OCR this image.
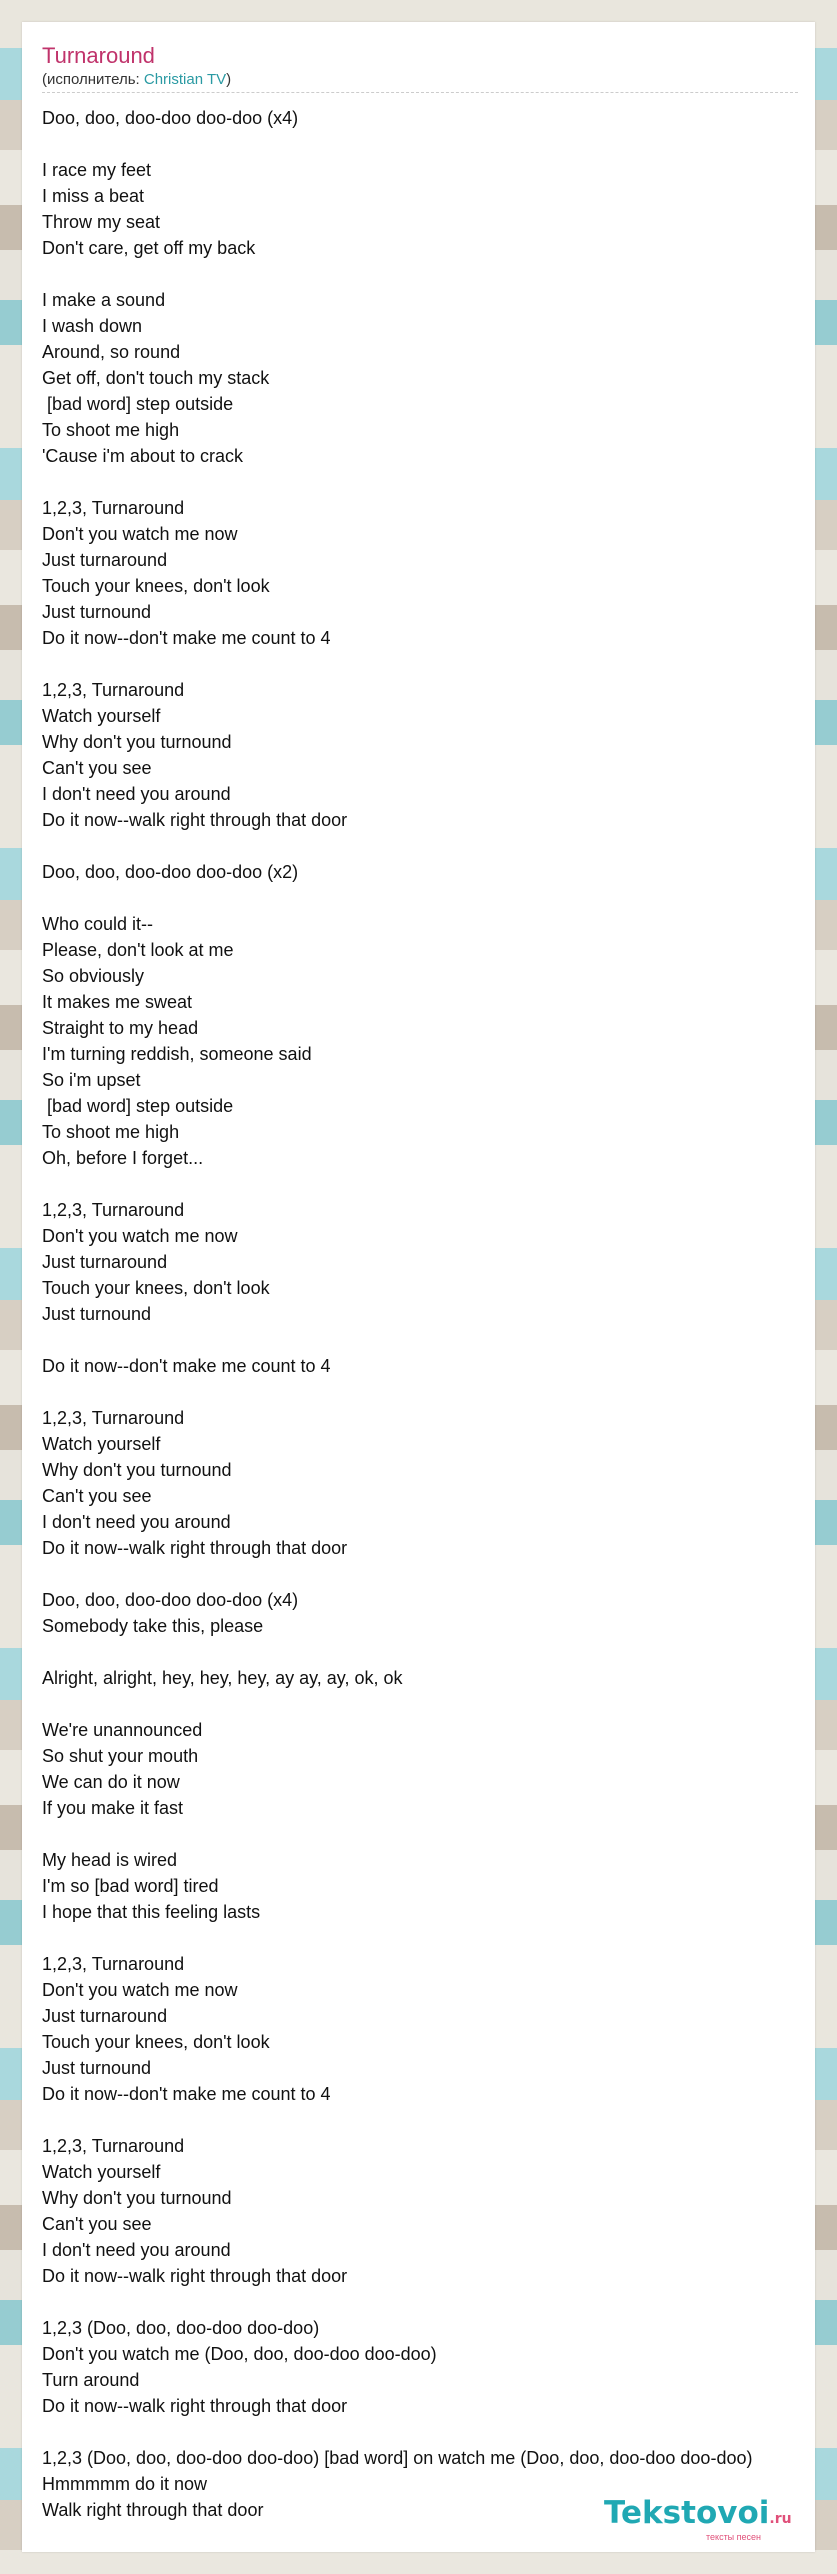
Turnaround
(исполнитель: Christian TV)
Doo, doo, doo-doo doo-doo (x4)

I race my feet
I miss a beat
Throw my seat
Don't care, get off my back

I make a sound
I wash down
Around, so round
Get off, don't touch my stack
[bad word] step outside
To shoot me high
'Cause i'm about to crack

1,2,3, Turnaround
Don't you watch me now
Just turnaround
Touch your knees, don't look
Just turnound
Do it now--don't make me count to 4

1,2,3, Turnaround
Watch yourself
Why don't you turnound
Can't you see
I don't need you around
Do it now--walk right through that door

Doo, doo, doo-doo doo-doo (x2)

Who could it--
Please, don't look at me
So obviously
It makes me sweat
Straight to my head
I'm turning reddish, someone said
So i'm upset
[bad word] step outside
To shoot me high
Oh, before I forget...

1,2,3, Turnaround
Don't you watch me now
Just turnaround
Touch your knees, don't look
Just turnound

Do it now--don't make me count to 4

1,2,3, Turnaround
Watch yourself
Why don't you turnound
Can't you see
I don't need you around
Do it now--walk right through that door

Doo, doo, doo-doo doo-doo (x4)
Somebody take this, please

Alright, alright, hey, hey, hey, ay ay, ay, ok, ok

We're unannounced
So shut your mouth
We can do it now
If you make it fast

My head is wired
I'm so [bad word] tired
I hope that this feeling lasts

1,2,3, Turnaround
Don't you watch me now
Just turnaround
Touch your knees, don't look
Just turnound
Do it now--don't make me count to 4

1,2,3, Turnaround
Watch yourself
Why don't you turnound
Can't you see
I don't need you around
Do it now--walk right through that door

1,2,3 (Doo, doo, doo-doo doo-doo)
Don't you watch me (Doo, doo, doo-doo doo-doo)
Turn around
Do it now--walk right through that door

1,2,3 (Doo, doo, doo-doo doo-doo) [bad word] on watch me (Doo, doo, doo-doo doo-doo)
Hmmmmm do it now
Walk right through that door	Tekstovoi.ru
тексты песен
